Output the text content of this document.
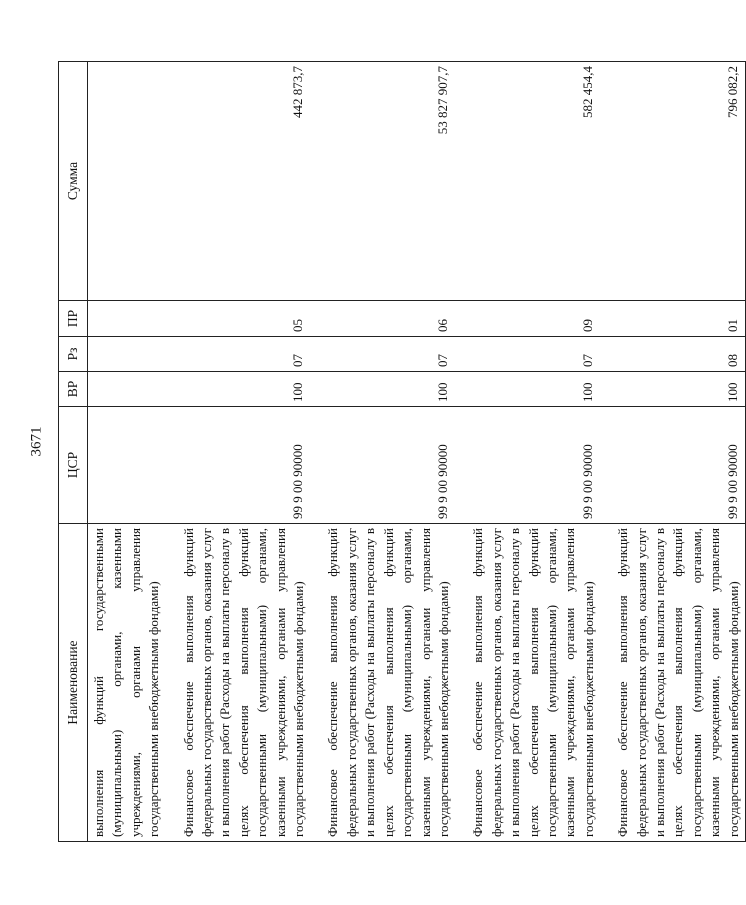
3671
Наименование	ЦСР	ВР	Рз	ПР	Сумма
выполнения функций государственными (муниципальными) органами, казенными учреждениями, органами управления государственными внебюджетными фондами)					

Финансовое обеспечение выполнения функций федеральных государственных органов, оказания услуг и выполнения работ (Расходы на выплаты персоналу в целях обеспечения выполнения функций государственными (муниципальными) органами, казенными учреждениями, органами управления государственными внебюджетными фондами)	99 9 00 90000	100	07	05	442 873,7

Финансовое обеспечение выполнения функций федеральных государственных органов, оказания услуг и выполнения работ (Расходы на выплаты персоналу в целях обеспечения выполнения функций государственными (муниципальными) органами, казенными учреждениями, органами управления государственными внебюджетными фондами)	99 9 00 90000	100	07	06	53 827 907,7

Финансовое обеспечение выполнения функций федеральных государственных органов, оказания услуг и выполнения работ (Расходы на выплаты персоналу в целях обеспечения выполнения функций государственными (муниципальными) органами, казенными учреждениями, органами управления государственными внебюджетными фондами)	99 9 00 90000	100	07	09	582 454,4

Финансовое обеспечение выполнения функций федеральных государственных органов, оказания услуг и выполнения работ (Расходы на выплаты персоналу в целях обеспечения выполнения функций государственными (муниципальными) органами, казенными учреждениями, органами управления государственными внебюджетными фондами)	99 9 00 90000	100	08	01	796 082,2
